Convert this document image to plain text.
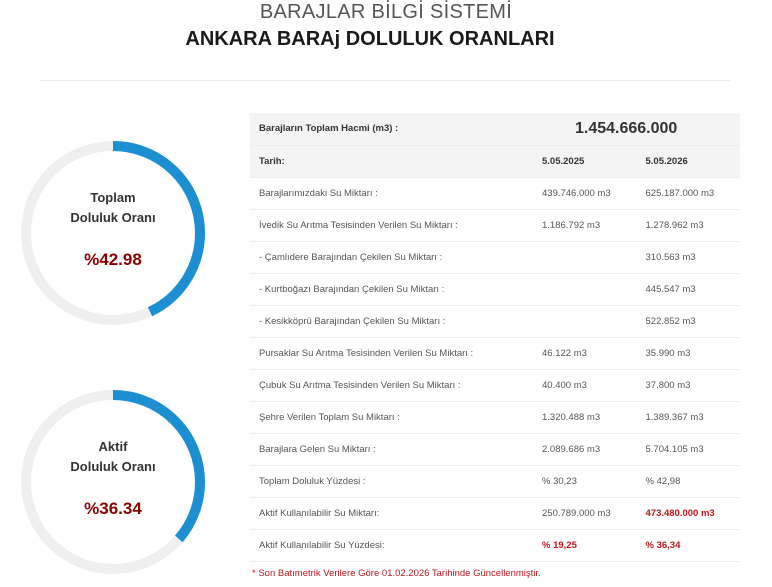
BARAJLAR BİLGİ SİSTEMİ
ANKARA BARAj DOLULUK ORANLARI
Toplam
Doluluk Oranı
%42.98
Aktif
Doluluk Oranı
%36.34
Barajların Toplam Hacmi (m3) :	1.454.666.000	
Tarih:	5.05.2025	5.05.2026
Barajlarımızdaki Su Miktarı :	439.746.000 m3	625.187.000 m3
İvedik Su Arıtma Tesisinden Verilen Su Miktarı :	1.186.792 m3	1.278.962 m3
- Çamlıdere Barajından Çekilen Su Miktarı :		310.563 m3
- Kurtboğazı Barajından Çekilen Su Miktarı :		445.547 m3
- Kesikköprü Barajından Çekilen Su Miktarı :		522.852 m3
Pursaklar Su Arıtma Tesisinden Verilen Su Miktarı :	46.122 m3	35.990 m3
Çubuk Su Arıtma Tesisinden Verilen Su Miktarı :	40.400 m3	37.800 m3
Şehre Verilen Toplam Su Miktarı :	1.320.488 m3	1.389.367 m3
Barajlara Gelen Su Miktarı :	2.089.686 m3	5.704.105 m3
Toplam Doluluk Yüzdesi :	% 30,23	% 42,98
Aktif Kullanılabilir Su Miktarı:	250.789.000 m3	473.480.000 m3
Aktif Kullanılabilir Su Yüzdesi:	% 19,25	% 36,34
* Son Batımetrik Verilere Göre 01.02.2026 Tarihinde Güncellenmiştir.
